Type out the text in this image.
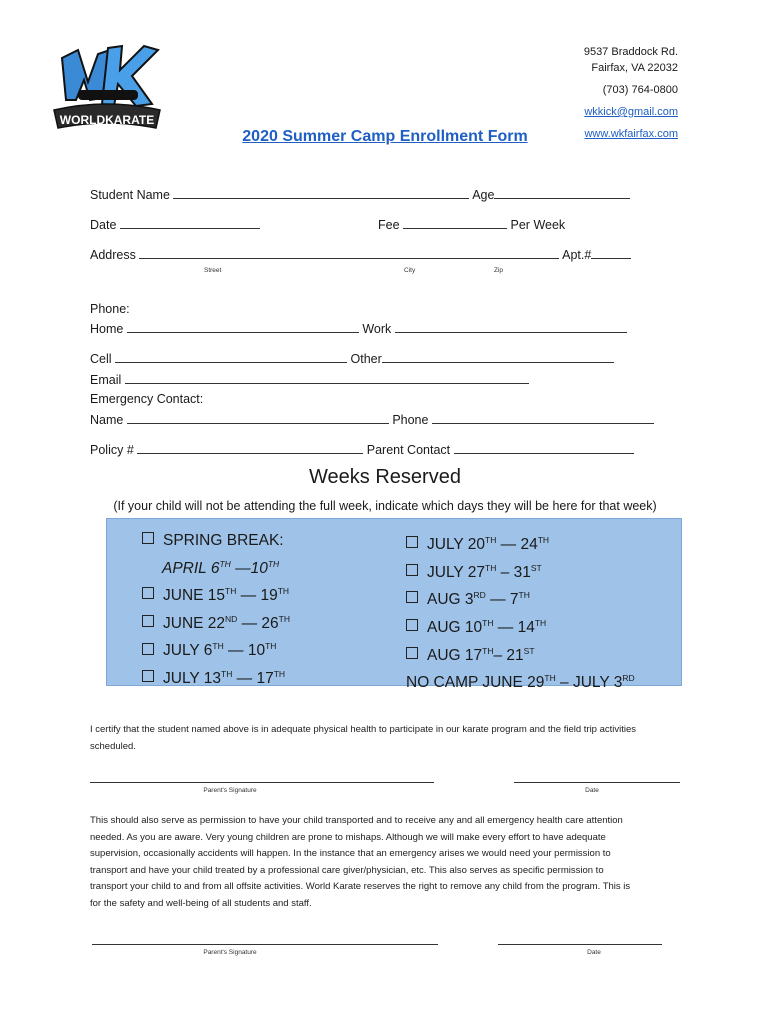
WORLDKARATE
9537 Braddock Rd.
Fairfax, VA 22032
(703) 764-0800
wkkick@gmail.com
www.wkfairfax.com
2020 Summer Camp Enrollment Form
Student Name	Age
Date	Fee	Per Week
Address	Apt.#
Street	City	Zip
Phone:
Home	Work
Cell	Other
Email
Emergency Contact:
Name	Phone
Policy #	Parent Contact
Weeks Reserved
(If your child will not be attending the full week, indicate which days they will be here for that week)
SPRING BREAK:
APRIL 6TH —10TH
JUNE 15TH — 19TH
JUNE 22ND — 26TH
JULY 6TH — 10TH
JULY 13TH — 17TH
JULY 20TH — 24TH
JULY 27TH – 31ST
AUG 3RD — 7TH
AUG 10TH — 14TH
AUG 17TH– 21ST
NO CAMP JUNE 29TH – JULY 3RD
I certify that the student named above is in adequate physical health to participate in our karate program and the field trip activities scheduled.
Parent's Signature	Date
This should also serve as permission to have your child transported and to receive any and all emergency health care attention needed. As you are aware. Very young children are prone to mishaps. Although we will make every effort to have adequate supervision, occasionally accidents will happen. In the instance that an emergency arises we would need your permission to transport and have your child treated by a professional care giver/physician, etc. This also serves as specific permission to transport your child to and from all offsite activities. World Karate reserves the right to remove any child from the program. This is for the safety and well-being of all students and staff.
Parent's Signature	Date
